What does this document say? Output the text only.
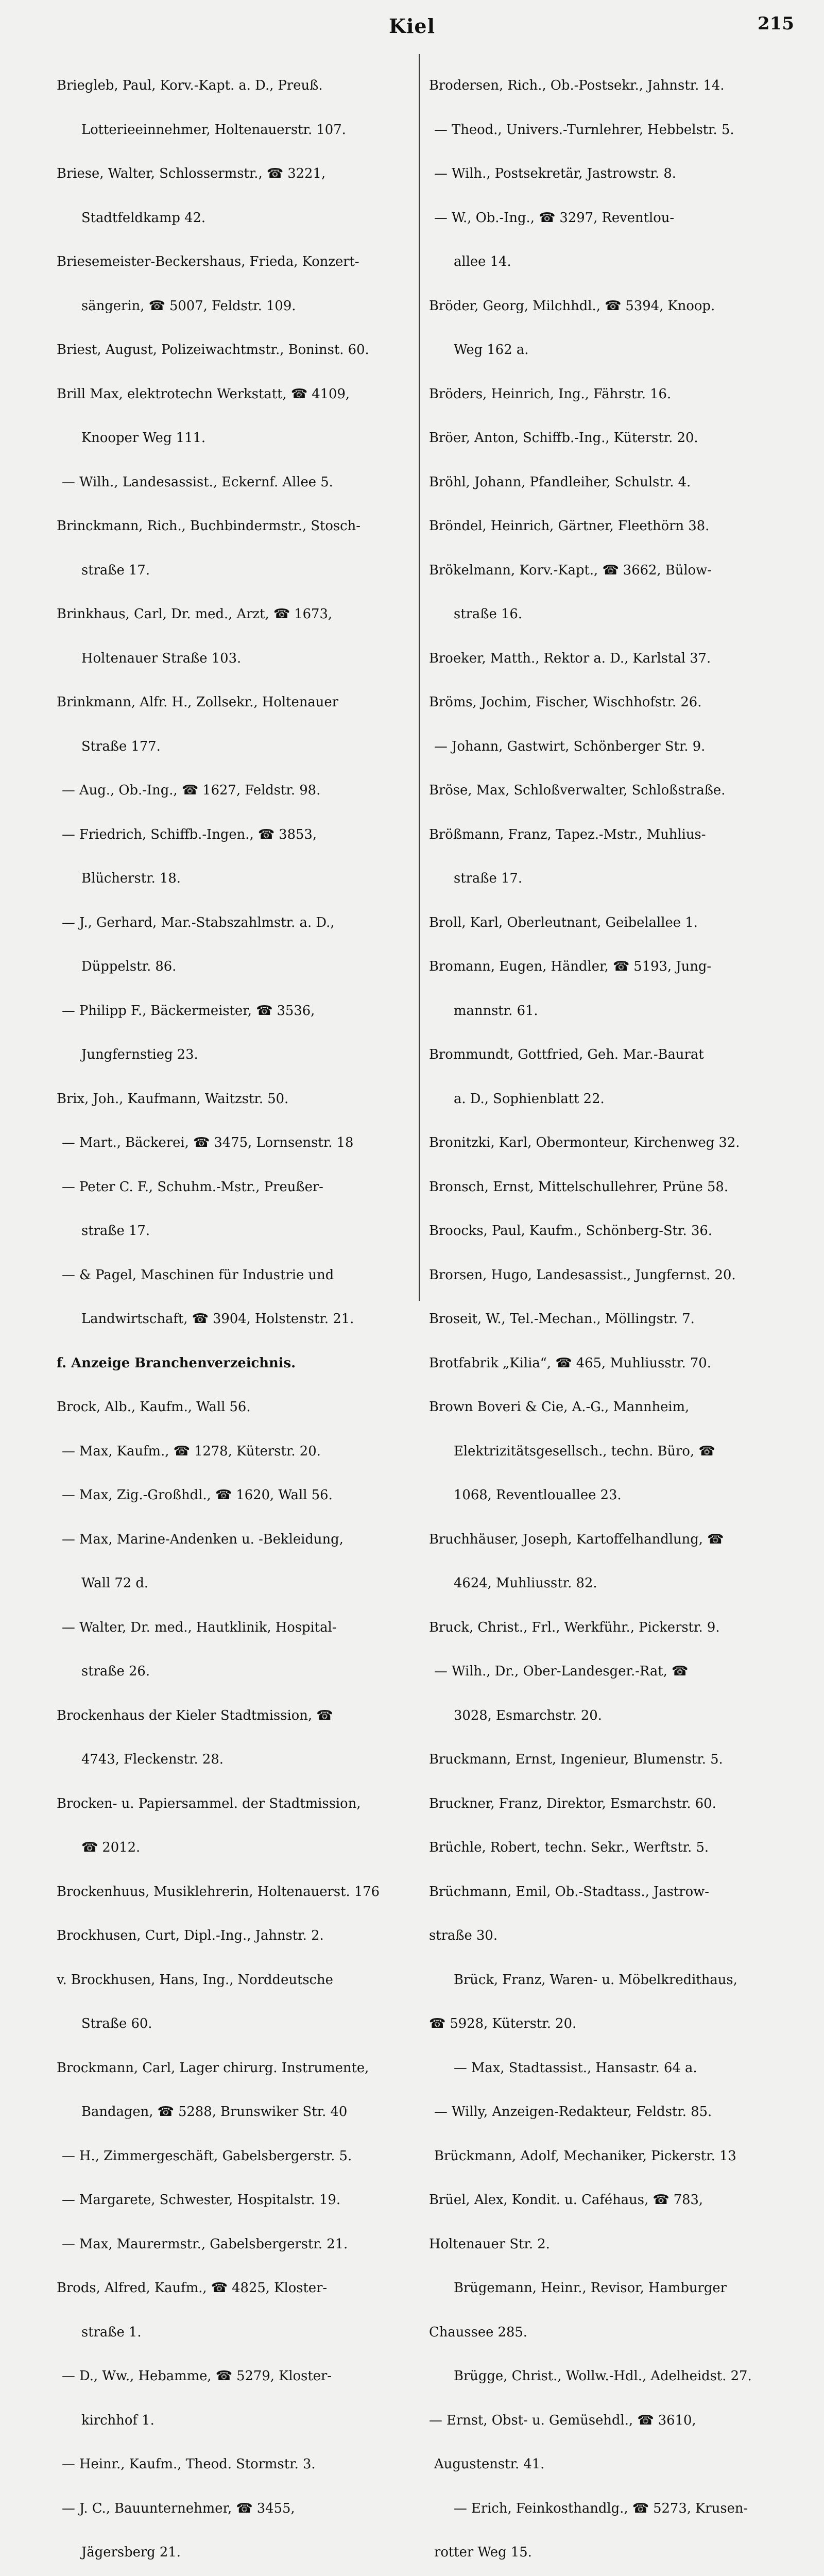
Kiel	215

Briegleb, Paul, Korv.-Kapt. a. D., Preuß.

Lotterieeinnehmer, Holtenauerstr. 107.

Briese, Walter, Schlossermstr., ☎ 3221,

Stadtfeldkamp 42.

Briesemeister-Beckershaus, Frieda, Konzert-

sängerin, ☎ 5007, Feldstr. 109.

Briest, August, Polizeiwachtmstr., Boninst. 60.

Brill Max, elektrotechn Werkstatt, ☎ 4109,

Knooper Weg 111.

— Wilh., Landesassist., Eckernf. Allee 5.

Brinckmann, Rich., Buchbindermstr., Stosch-

straße 17.

Brinkhaus, Carl, Dr. med., Arzt, ☎ 1673,

Holtenauer Straße 103.

Brinkmann, Alfr. H., Zollsekr., Holtenauer

Straße 177.

— Aug., Ob.-Ing., ☎ 1627, Feldstr. 98.

— Friedrich, Schiffb.-Ingen., ☎ 3853,

Blücherstr. 18.

— J., Gerhard, Mar.-Stabszahlmstr. a. D.,

Düppelstr. 86.

— Philipp F., Bäckermeister, ☎ 3536,

Jungfernstieg 23.

Brix, Joh., Kaufmann, Waitzstr. 50.

— Mart., Bäckerei, ☎ 3475, Lornsenstr. 18

— Peter C. F., Schuhm.-Mstr., Preußer-

straße 17.

— & Pagel, Maschinen für Industrie und

Landwirtschaft, ☎ 3904, Holstenstr. 21.

f. Anzeige Branchenverzeichnis.

Brock, Alb., Kaufm., Wall 56.

— Max, Kaufm., ☎ 1278, Küterstr. 20.

— Max, Zig.-Großhdl., ☎ 1620, Wall 56.

— Max, Marine-Andenken u. -Bekleidung,

Wall 72 d.

— Walter, Dr. med., Hautklinik, Hospital-

straße 26.

Brockenhaus der Kieler Stadtmission, ☎

4743, Fleckenstr. 28.

Brocken- u. Papiersammel. der Stadtmission,

☎ 2012.

Brockenhuus, Musiklehrerin, Holtenauerst. 176

Brockhusen, Curt, Dipl.-Ing., Jahnstr. 2.

v. Brockhusen, Hans, Ing., Norddeutsche

Straße 60.

Brockmann, Carl, Lager chirurg. Instrumente,

Bandagen, ☎ 5288, Brunswiker Str. 40

— H., Zimmergeschäft, Gabelsbergerstr. 5.

— Margarete, Schwester, Hospitalstr. 19.

— Max, Maurermstr., Gabelsbergerstr. 21.

Brods, Alfred, Kaufm., ☎ 4825, Kloster-

straße 1.

— D., Ww., Hebamme, ☎ 5279, Kloster-

kirchhof 1.

— Heinr., Kaufm., Theod. Stormstr. 3.

— J. C., Bauunternehmer, ☎ 3455,

Jägersberg 21.

Brodersen, Rich., Ob.-Postsekr., Jahnstr. 14.

— Theod., Univers.-Turnlehrer, Hebbelstr. 5.

— Wilh., Postsekretär, Jastrowstr. 8.

— W., Ob.-Ing., ☎ 3297, Reventlou-

allee 14.

Bröder, Georg, Milchhdl., ☎ 5394, Knoop.

Weg 162 a.

Bröders, Heinrich, Ing., Fährstr. 16.

Bröer, Anton, Schiffb.-Ing., Küterstr. 20.

Bröhl, Johann, Pfandleiher, Schulstr. 4.

Bröndel, Heinrich, Gärtner, Fleethörn 38.

Brökelmann, Korv.-Kapt., ☎ 3662, Bülow-

straße 16.

Broeker, Matth., Rektor a. D., Karlstal 37.

Bröms, Jochim, Fischer, Wischhofstr. 26.

— Johann, Gastwirt, Schönberger Str. 9.

Bröse, Max, Schloßverwalter, Schloßstraße.

Brößmann, Franz, Tapez.-Mstr., Muhlius-

straße 17.

Broll, Karl, Oberleutnant, Geibelallee 1.

Bromann, Eugen, Händler, ☎ 5193, Jung-

mannstr. 61.

Brommundt, Gottfried, Geh. Mar.-Baurat

a. D., Sophienblatt 22.

Bronitzki, Karl, Obermonteur, Kirchenweg 32.

Bronsch, Ernst, Mittelschullehrer, Prüne 58.

Broocks, Paul, Kaufm., Schönberg-Str. 36.

Brorsen, Hugo, Landesassist., Jungfernst. 20.

Broseit, W., Tel.-Mechan., Möllingstr. 7.

Brotfabrik „Kilia“, ☎ 465, Muhliusstr. 70.

Brown Boveri & Cie, A.-G., Mannheim,

Elektrizitätsgesellsch., techn. Büro, ☎

1068, Reventlouallee 23.

Bruchhäuser, Joseph, Kartoffelhandlung, ☎

4624, Muhliusstr. 82.

Bruck, Christ., Frl., Werkführ., Pickerstr. 9.

— Wilh., Dr., Ober-Landesger.-Rat, ☎

3028, Esmarchstr. 20.

Bruckmann, Ernst, Ingenieur, Blumenstr. 5.

Bruckner, Franz, Direktor, Esmarchstr. 60.

Brüchle, Robert, techn. Sekr., Werftstr. 5.

Brüchmann, Emil, Ob.-Stadtass., Jastrow-

straße 30.

Brück, Franz, Waren- u. Möbelkredithaus,

☎ 5928, Küterstr. 20.

— Max, Stadtassist., Hansastr. 64 a.

— Willy, Anzeigen-Redakteur, Feldstr. 85.

Brückmann, Adolf, Mechaniker, Pickerstr. 13

Brüel, Alex, Kondit. u. Caféhaus, ☎ 783,

Holtenauer Str. 2.

Brügemann, Heinr., Revisor, Hamburger

Chaussee 285.

Brügge, Christ., Wollw.-Hdl., Adelheidst. 27.

— Ernst, Obst- u. Gemüsehdl., ☎ 3610,

Augustenstr. 41.

— Erich, Feinkosthandlg., ☎ 5273, Krusen-

rotter Weg 15.
